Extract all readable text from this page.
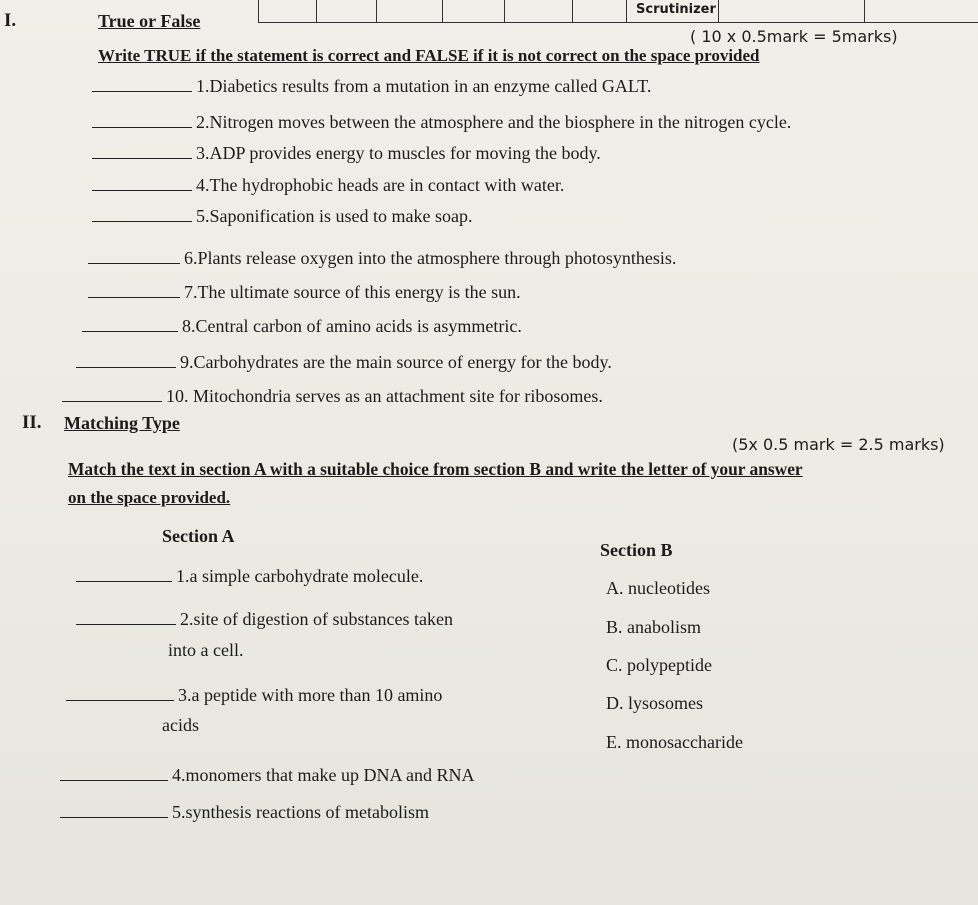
Scrutinizer
I.	True or False
( 10 x 0.5mark = 5marks)
Write TRUE if the statement is correct and FALSE if it is not correct on the space provided
1.Diabetics results from a mutation in an enzyme called GALT.
2.Nitrogen moves between the atmosphere and the biosphere in the nitrogen cycle.
3.ADP provides energy to muscles for moving the body.
4.The hydrophobic heads are in contact with water.
5.Saponification is used to make soap.
6.Plants release oxygen into the atmosphere through photosynthesis.
7.The ultimate source of this energy is the sun.
8.Central carbon of amino acids is asymmetric.
9.Carbohydrates are the main source of energy for the body.
10. Mitochondria serves as an attachment site for ribosomes.
II. Matching Type
(5x 0.5 mark = 2.5 marks)
Match the text in section A with a suitable choice from section B and write the letter of your answer
on the space provided.
Section A
Section B
1.a simple carbohydrate molecule.
2.site of digestion of substances taken
into a cell.
3.a peptide with more than 10 amino
acids
4.monomers that make up DNA and RNA
5.synthesis reactions of metabolism
A. nucleotides
B. anabolism
C. polypeptide
D. lysosomes
E. monosaccharide
